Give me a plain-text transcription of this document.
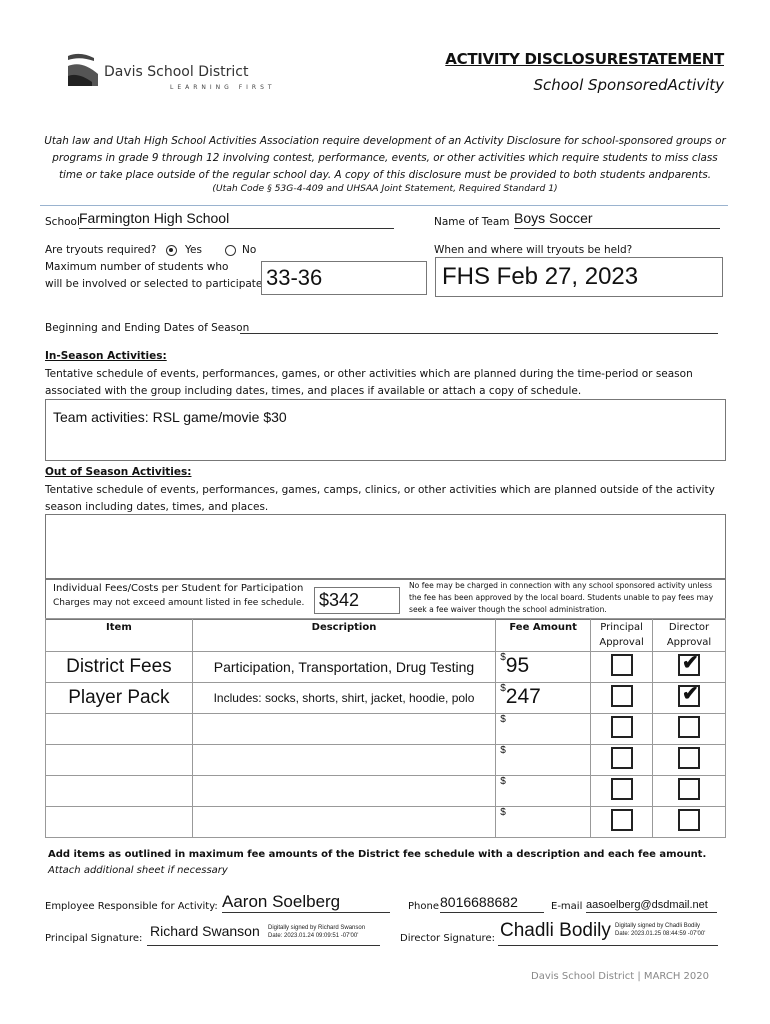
Davis School District
LEARNING FIRST
ACTIVITY DISCLOSURESTATEMENT
School SponsoredActivity
Utah law and Utah High School Activities Association require development of an Activity Disclosure for school-sponsored groups or programs in grade 9 through 12 involving contest, performance, events, or other activities which require students to miss class time or take place outside of the regular school day. A copy of this disclosure must be provided to both students andparents.
(Utah Code § 53G-4-409 and UHSAA Joint Statement, Required Standard 1)
School Farmington High School	Name of Team Boys Soccer
Are tryouts required?	Yes	No
Maximum number of students who
will be involved or selected to participate 33-36
When and where will tryouts be held?
FHS Feb 27, 2023
Beginning and Ending Dates of Season
In-Season Activities:
Tentative schedule of events, performances, games, or other activities which are planned during the time-period or season associated with the group including dates, times, and places if available or attach a copy of schedule.
Team activities: RSL game/movie $30
Out of Season Activities:
Tentative schedule of events, performances, games, camps, clinics, or other activities which are planned outside of the activity season including dates, times, and places.
Individual Fees/Costs per Student for Participation
Charges may not exceed amount listed in fee schedule. $342
No fee may be charged in connection with any school sponsored activity unless the fee has been approved by the local board. Students unable to pay fees may seek a fee waiver though the school administration.
Item	Description	Fee Amount	Principal Approval	Director Approval
District Fees	Participation, Transportation, Drug Testing	$95		✔

Player Pack	Includes: socks, shorts, shirt, jacket, hoodie, polo	$247		✔

		$	

		$	

		$	

		$	

Add items as outlined in maximum fee amounts of the District fee schedule with a description and each fee amount.
Attach additional sheet if necessary
Employee Responsible for Activity: Aaron Soelberg	Phone 8016688682	E-mail aasoelberg@dsdmail.net
Principal Signature: Richard Swanson Digitally signed by Richard Swanson
Date: 2023.01.24 09:09:51 -07'00'	Director Signature: Chadli Bodily Digitally signed by Chadli Bodily
Date: 2023.01.25 08:44:59 -07'00'
Davis School District | MARCH 2020
